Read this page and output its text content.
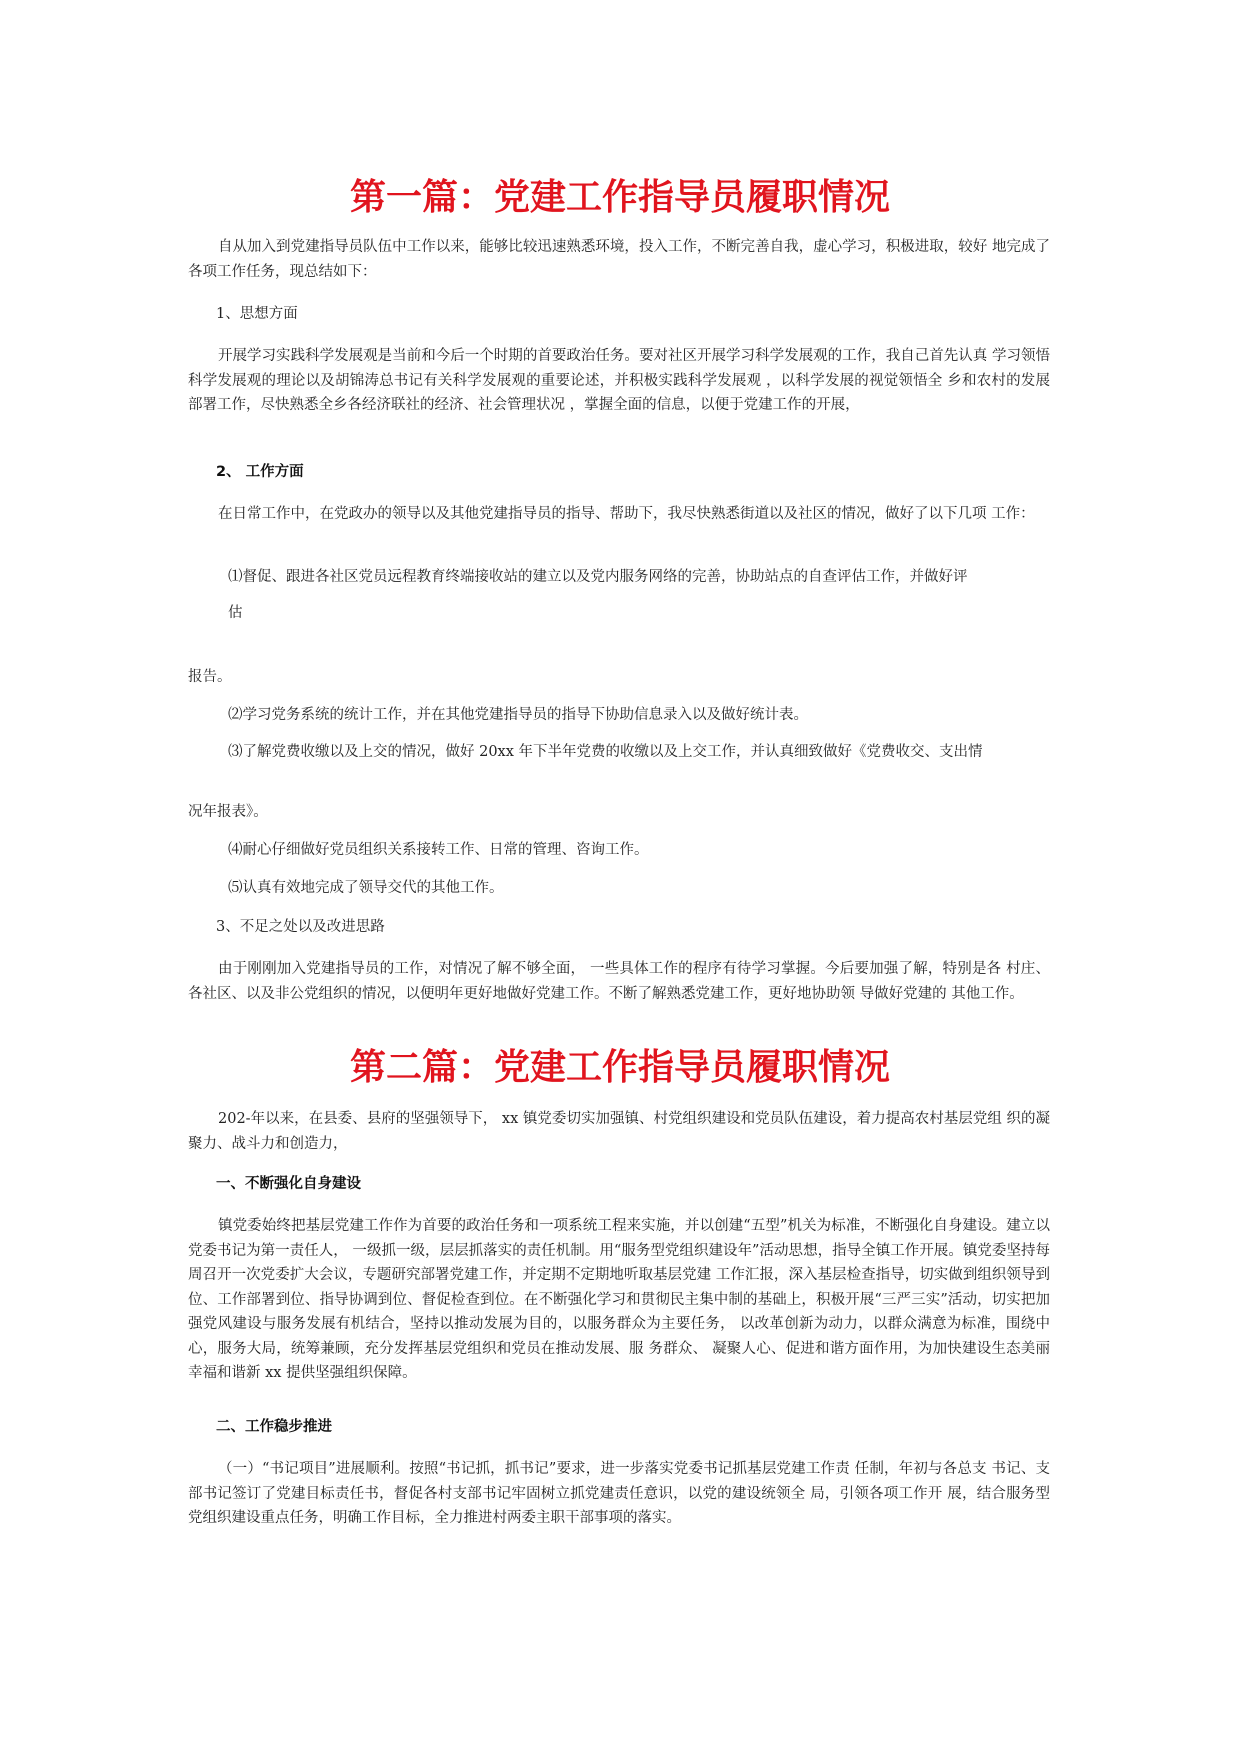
第一篇：党建工作指导员履职情况

自从加入到党建指导员队伍中工作以来，能够比较迅速熟悉环境，投入工作，不断完善自我，虚心学习，积极进取，较好 地完成了各项工作任务，现总结如下：

1、思想方面

开展学习实践科学发展观是当前和今后一个时期的首要政治任务。要对社区开展学习科学发展观的工作，我自己首先认真 学习领悟科学发展观的理论以及胡锦涛总书记有关科学发展观的重要论述，并积极实践科学发展观 ，以科学发展的视觉领悟全 乡和农村的发展部署工作，尽快熟悉全乡各经济联社的经济、社会管理状况 ，掌握全面的信息，以便于党建工作的开展，

2、 工作方面

在日常工作中，在党政办的领导以及其他党建指导员的指导、帮助下，我尽快熟悉街道以及社区的情况，做好了以下几项 工作：

⑴督促、跟进各社区党员远程教育终端接收站的建立以及党内服务网络的完善，协助站点的自查评估工作，并做好评

估

报告。

⑵学习党务系统的统计工作，并在其他党建指导员的指导下协助信息录入以及做好统计表。

⑶了解党费收缴以及上交的情况，做好 20xx 年下半年党费的收缴以及上交工作，并认真细致做好《党费收交、支出情

况年报表》。

⑷耐心仔细做好党员组织关系接转工作、日常的管理、咨询工作。

⑸认真有效地完成了领导交代的其他工作。

3、不足之处以及改进思路

由于刚刚加入党建指导员的工作，对情况了解不够全面， 一些具体工作的程序有待学习掌握。今后要加强了解，特别是各 村庄、各社区、以及非公党组织的情况，以便明年更好地做好党建工作。不断了解熟悉党建工作，更好地协助领 导做好党建的 其他工作。

第二篇：党建工作指导员履职情况

202-年以来，在县委、县府的坚强领导下， xx 镇党委切实加强镇、村党组织建设和党员队伍建设，着力提高农村基层党组 织的凝聚力、战斗力和创造力，

一、不断强化自身建设

镇党委始终把基层党建工作作为首要的政治任务和一项系统工程来实施，并以创建“五型”机关为标准，不断强化自身建设。建立以党委书记为第一责任人， 一级抓一级，层层抓落实的责任机制。用“服务型党组织建设年”活动思想，指导全镇工作开展。镇党委坚持每周召开一次党委扩大会议，专题研究部署党建工作，并定期不定期地听取基层党建 工作汇报，深入基层检查指导，切实做到组织领导到位、工作部署到位、指导协调到位、督促检查到位。在不断强化学习和贯彻民主集中制的基础上，积极开展“三严三实”活动，切实把加强党风建设与服务发展有机结合，坚持以推动发展为目的，以服务群众为主要任务， 以改革创新为动力，以群众满意为标准，围绕中心，服务大局，统筹兼顾，充分发挥基层党组织和党员在推动发展、服 务群众、 凝聚人心、促进和谐方面作用，为加快建设生态美丽幸福和谐新 xx 提供坚强组织保障。

二、工作稳步推进

（一）“书记项目”进展顺利。按照“书记抓，抓书记”要求，进一步落实党委书记抓基层党建工作责 任制，年初与各总支 书记、支部书记签订了党建目标责任书，督促各村支部书记牢固树立抓党建责任意识，以党的建设统领全 局，引领各项工作开 展，结合服务型党组织建设重点任务，明确工作目标，全力推进村两委主职干部事项的落实。
